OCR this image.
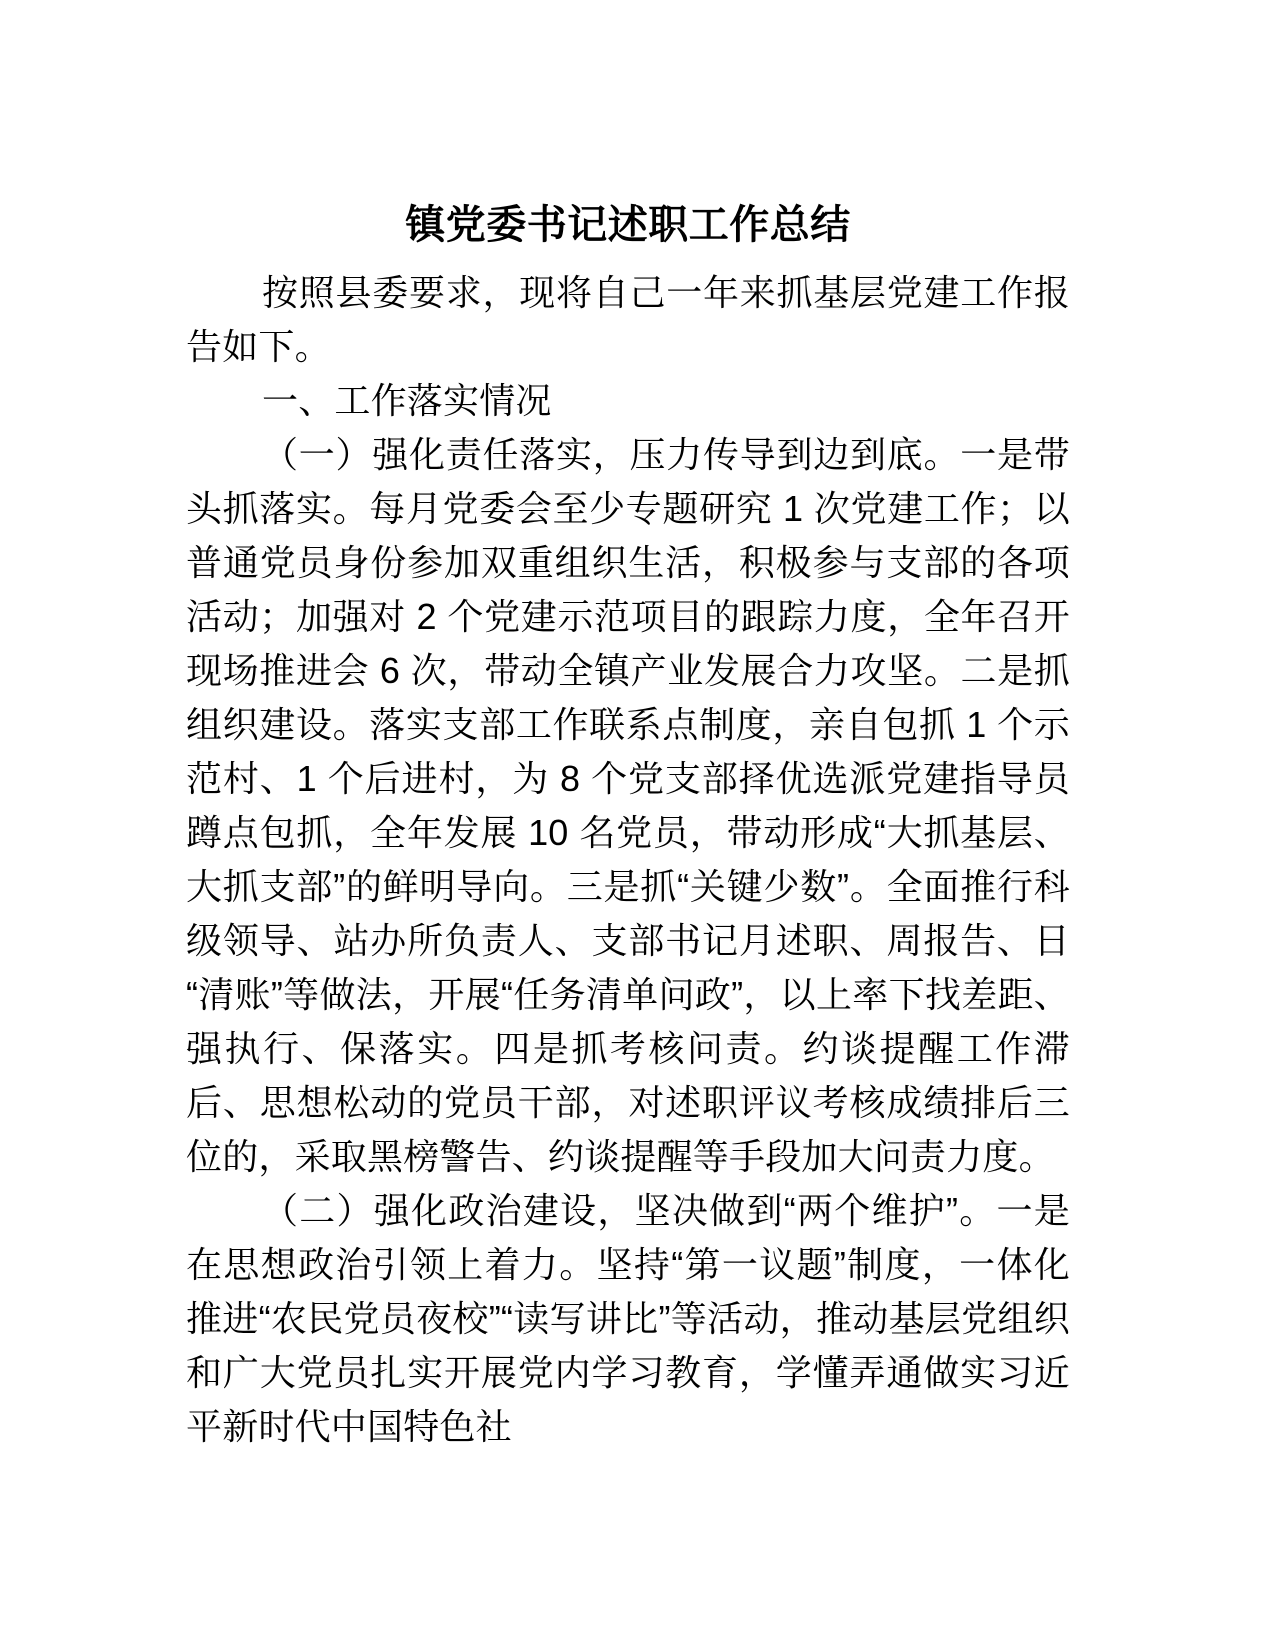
镇党委书记述职工作总结

按照县委要求，现将自己一年来抓基层党建工作报告如下。

一、工作落实情况

（一）强化责任落实，压力传导到边到底。一是带头抓落实。每月党委会至少专题研究 1 次党建工作；以普通党员身份参加双重组织生活，积极参与支部的各项活动；加强对 2 个党建示范项目的跟踪力度，全年召开现场推进会 6 次，带动全镇产业发展合力攻坚。二是抓组织建设。落实支部工作联系点制度，亲自包抓 1 个示范村、1 个后进村，为 8 个党支部择优选派党建指导员蹲点包抓，全年发展 10 名党员，带动形成“大抓基层、大抓支部”的鲜明导向。三是抓“关键少数”。全面推行科级领导、站办所负责人、支部书记月述职、周报告、日“清账”等做法，开展“任务清单问政”，以上率下找差距、强执行、保落实。四是抓考核问责。约谈提醒工作滞后、思想松动的党员干部，对述职评议考核成绩排后三位的，采取黑榜警告、约谈提醒等手段加大问责力度。

（二）强化政治建设，坚决做到“两个维护”。一是在思想政治引领上着力。坚持“第一议题”制度，一体化推进“农民党员夜校”“读写讲比”等活动，推动基层党组织和广大党员扎实开展党内学习教育，学懂弄通做实习近平新时代中国特色社
